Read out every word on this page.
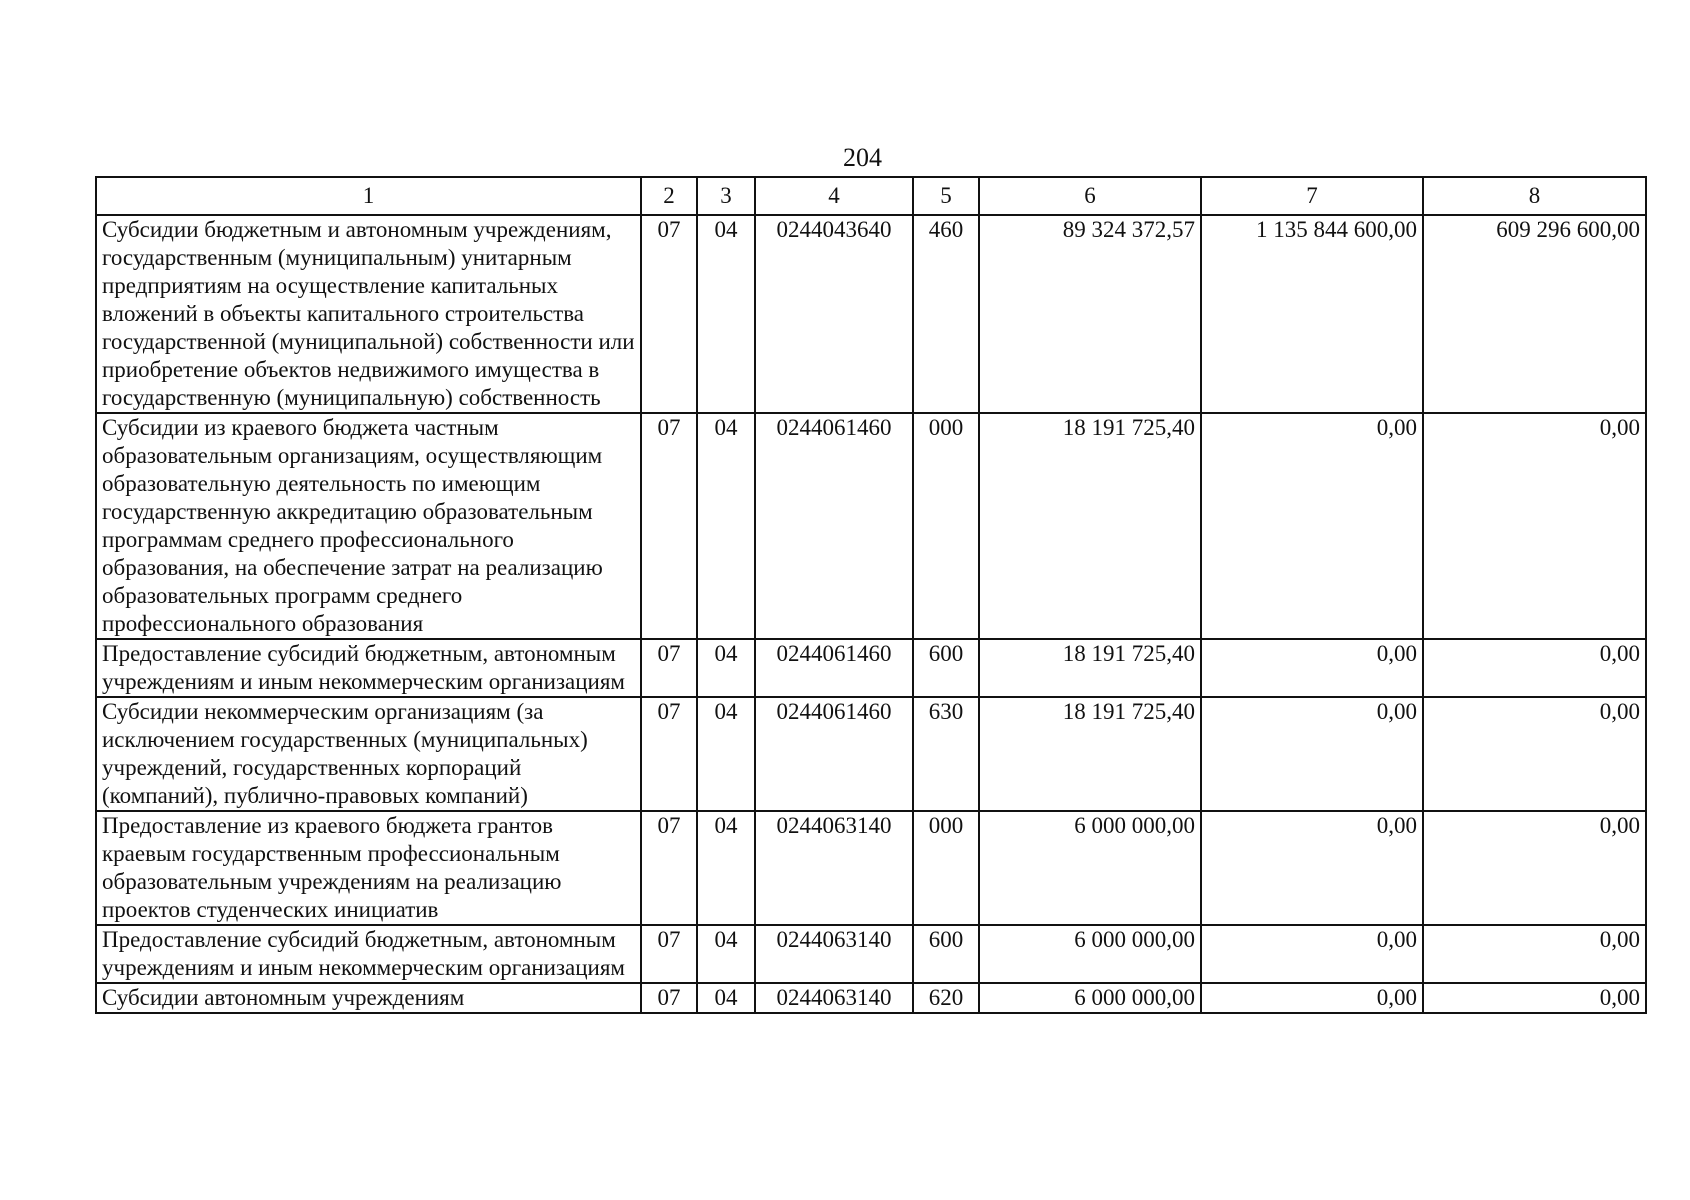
204
1	2	3	4	5	6	7	8
Субсидии бюджетным и автономным учреждениям, государственным (муниципальным) унитарным предприятиям на осуществление капитальных вложений в объекты капитального строительства государственной (муниципальной) собственности или приобретение объектов недвижимого имущества в государственную (муниципальную) собственность	07	04	0244043640	460	89 324 372,57	1 135 844 600,00	609 296 600,00
Субсидии из краевого бюджета частным образовательным организациям, осуществляющим образовательную деятельность по имеющим государственную аккредитацию образовательным программам среднего профессионального образования, на обеспечение затрат на реализацию образовательных программ среднего профессионального образования	07	04	0244061460	000	18 191 725,40	0,00	0,00
Предоставление субсидий бюджетным, автономным учреждениям и иным некоммерческим организациям	07	04	0244061460	600	18 191 725,40	0,00	0,00
Субсидии некоммерческим организациям (за исключением государственных (муниципальных) учреждений, государственных корпораций (компаний), публично-правовых компаний)	07	04	0244061460	630	18 191 725,40	0,00	0,00
Предоставление из краевого бюджета грантов краевым государственным профессиональным образовательным учреждениям на реализацию проектов студенческих инициатив	07	04	0244063140	000	6 000 000,00	0,00	0,00
Предоставление субсидий бюджетным, автономным учреждениям и иным некоммерческим организациям	07	04	0244063140	600	6 000 000,00	0,00	0,00
Субсидии автономным учреждениям	07	04	0244063140	620	6 000 000,00	0,00	0,00
